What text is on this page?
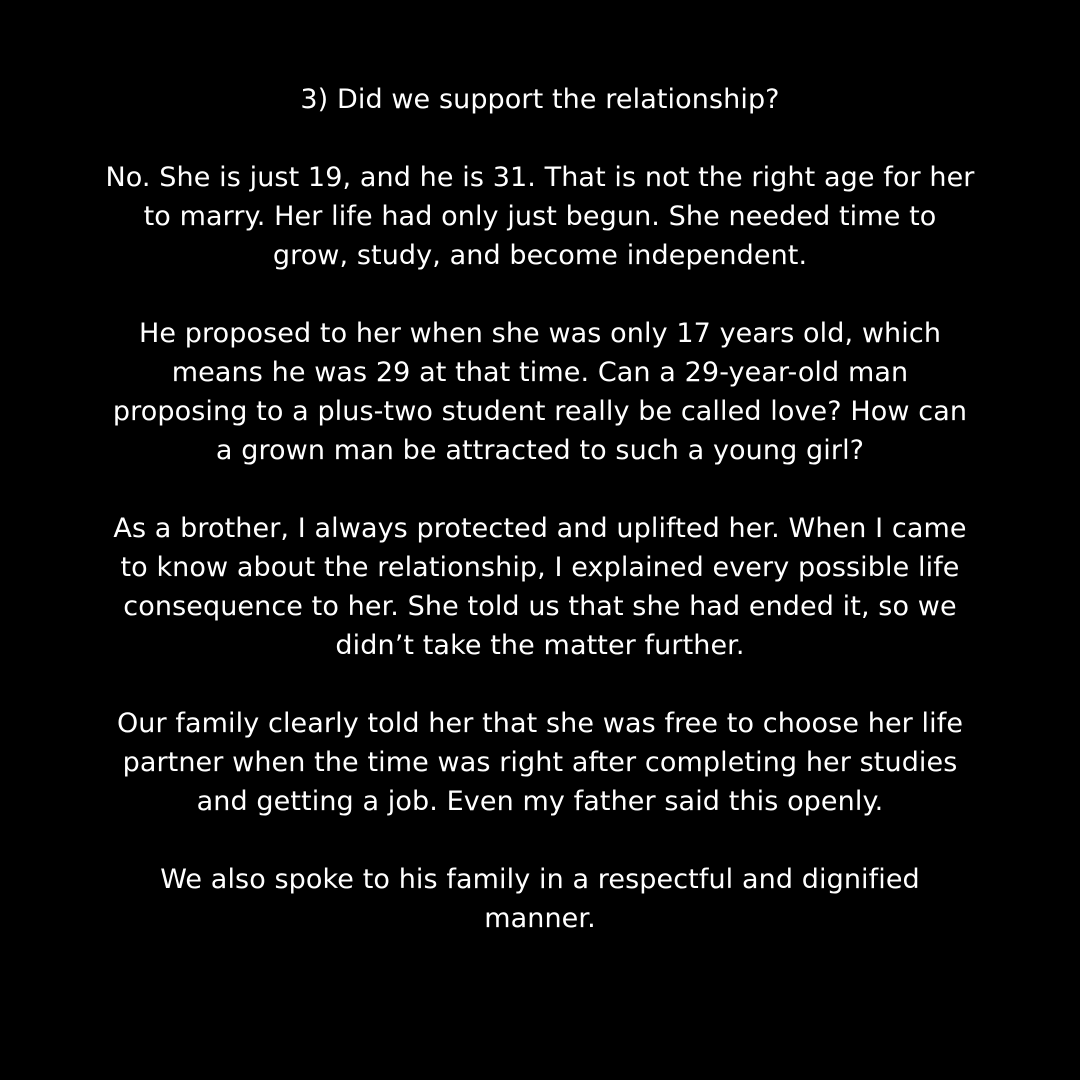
3) Did we support the relationship?

No. She is just 19, and he is 31. That is not the right age for her
to marry. Her life had only just begun. She needed time to
grow, study, and become independent.

He proposed to her when she was only 17 years old, which
means he was 29 at that time. Can a 29-year-old man
proposing to a plus-two student really be called love? How can
a grown man be attracted to such a young girl?

As a brother, I always protected and uplifted her. When I came
to know about the relationship, I explained every possible life
consequence to her. She told us that she had ended it, so we
didn’t take the matter further.

Our family clearly told her that she was free to choose her life
partner when the time was right after completing her studies
and getting a job. Even my father said this openly.

We also spoke to his family in a respectful and dignified
manner.
